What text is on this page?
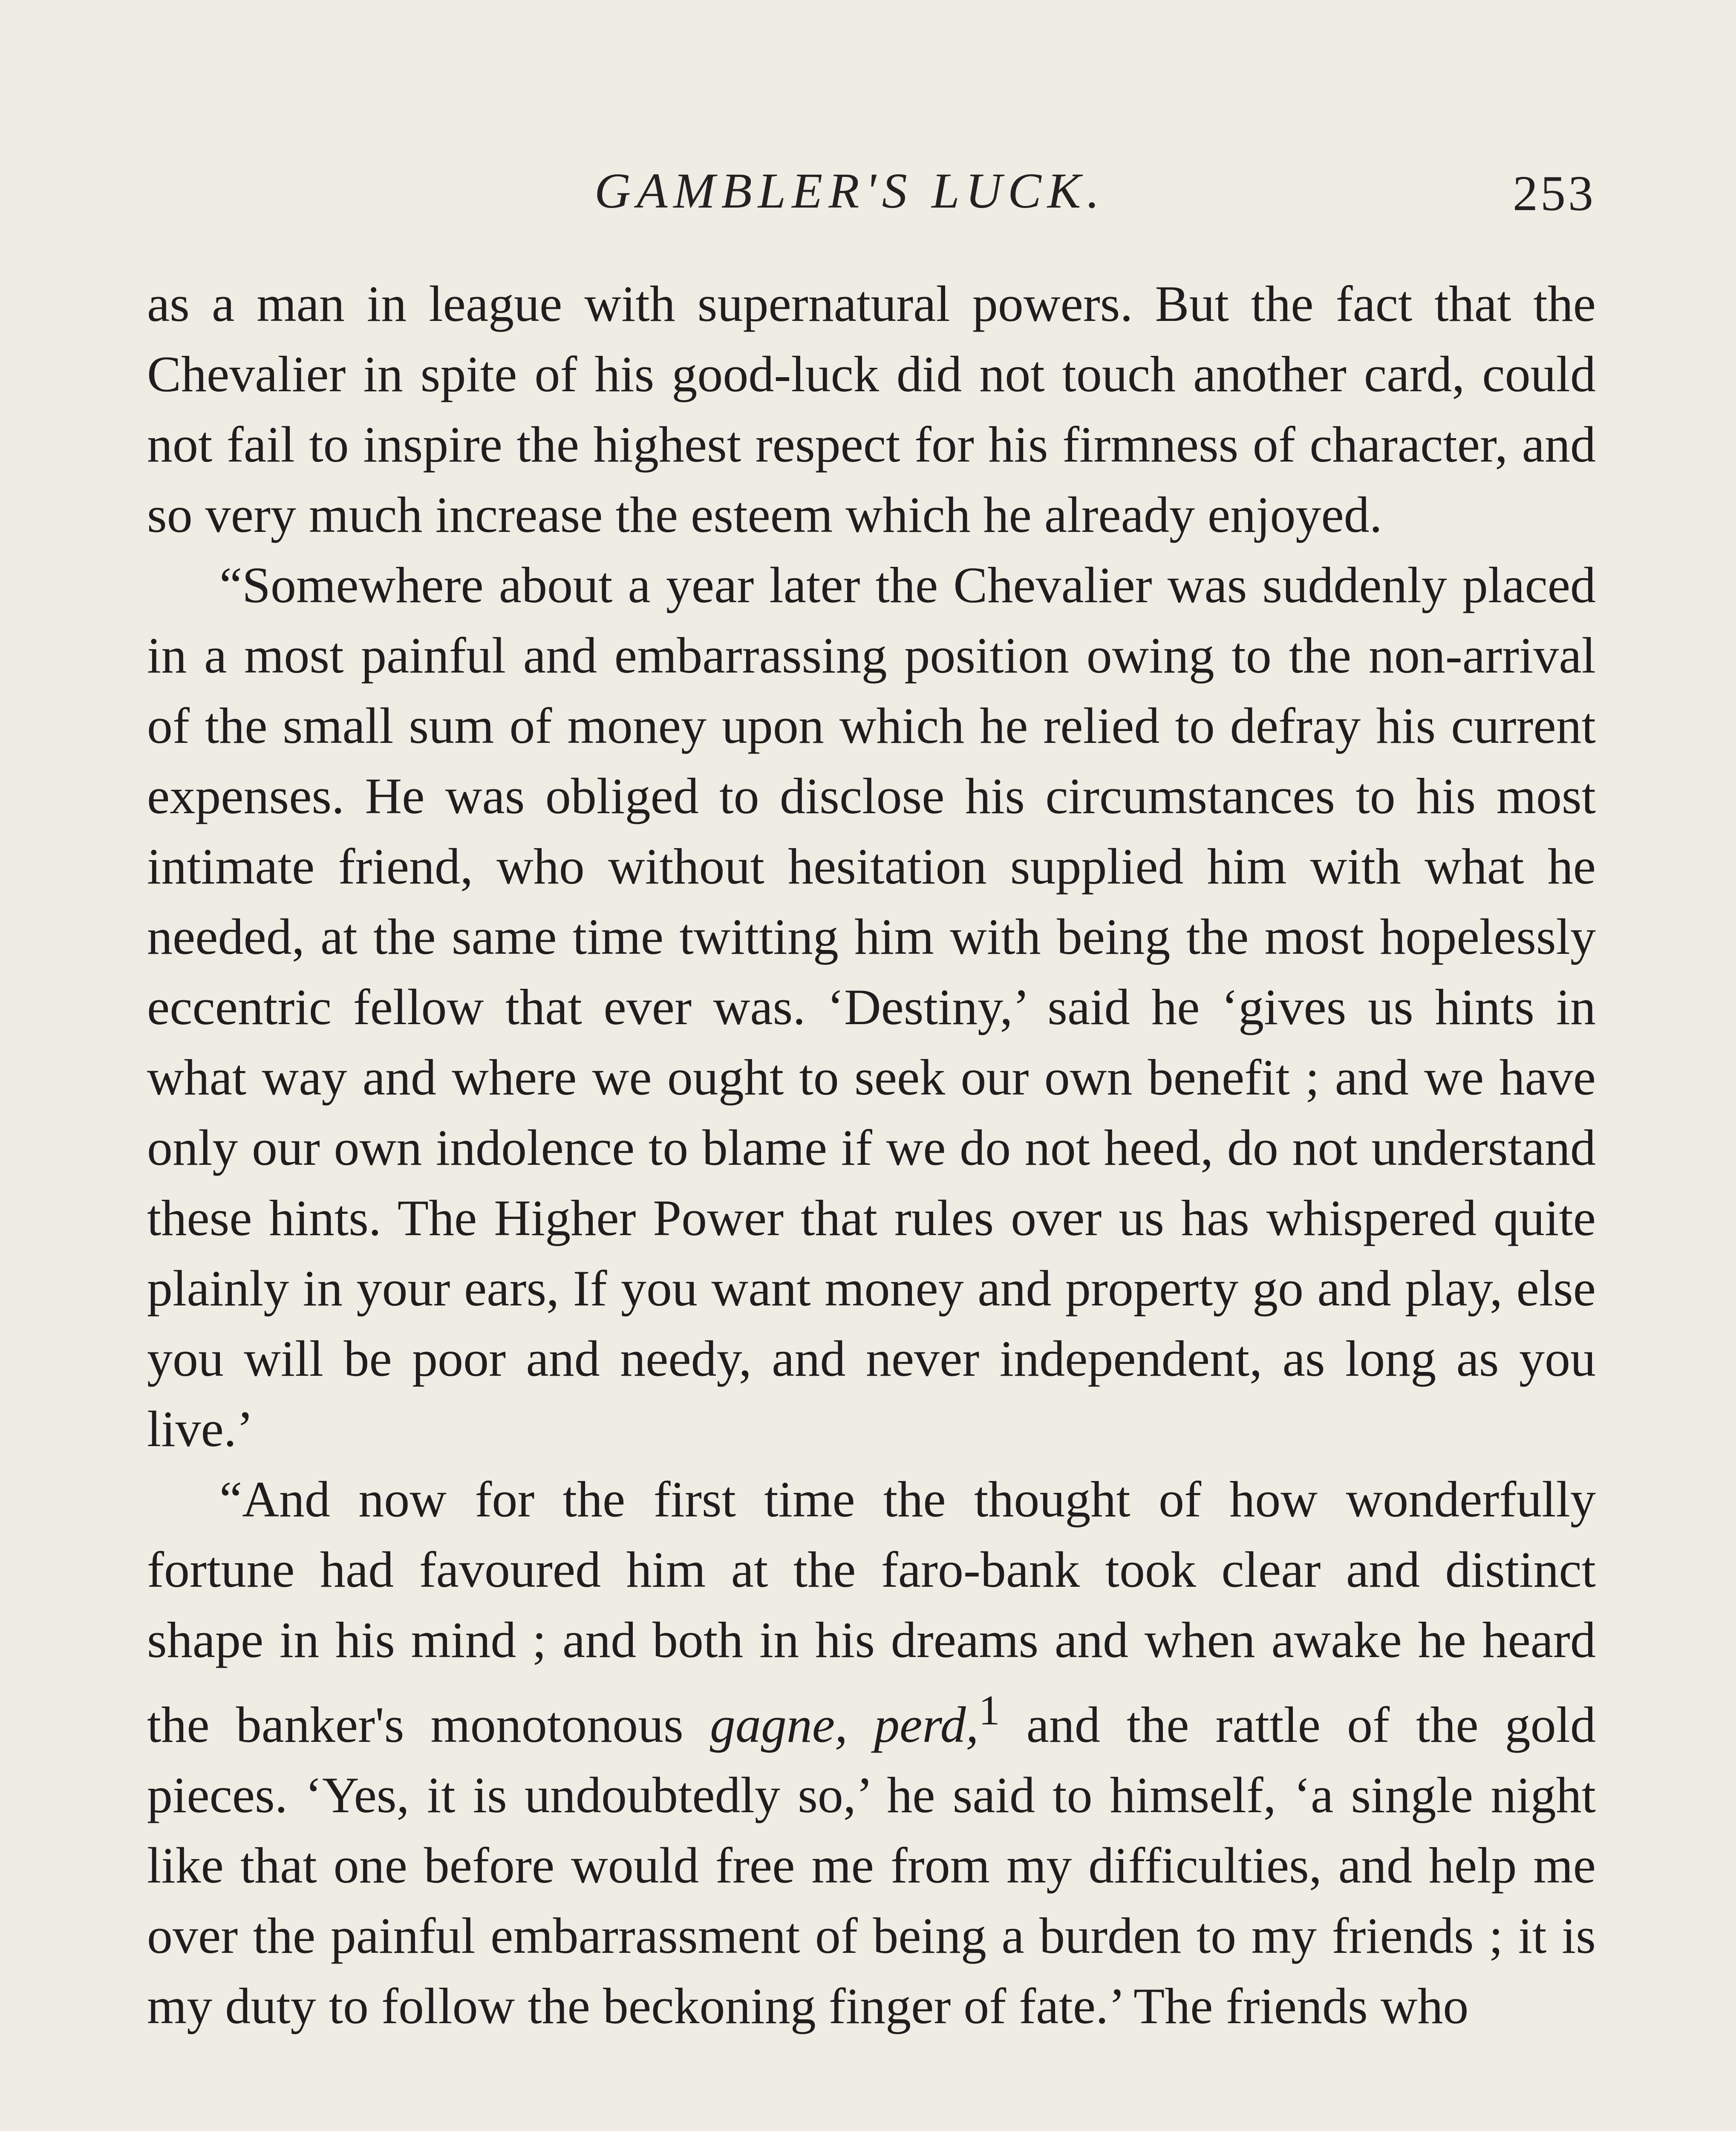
GAMBLER'S LUCK.	253

as a man in league with supernatural powers. But the fact that the Chevalier in spite of his good-luck did not touch another card, could not fail to inspire the highest respect for his firmness of character, and so very much increase the esteem which he already enjoyed.

“Somewhere about a year later the Chevalier was suddenly placed in a most painful and embarrassing position owing to the non-arrival of the small sum of money upon which he relied to defray his current expenses. He was obliged to disclose his circumstances to his most intimate friend, who without hesitation supplied him with what he needed, at the same time twitting him with being the most hopelessly eccentric fellow that ever was. ‘Destiny,’ said he ‘gives us hints in what way and where we ought to seek our own benefit ; and we have only our own indolence to blame if we do not heed, do not understand these hints. The Higher Power that rules over us has whispered quite plainly in your ears, If you want money and property go and play, else you will be poor and needy, and never independent, as long as you live.’

“And now for the first time the thought of how wonderfully fortune had favoured him at the faro-bank took clear and distinct shape in his mind ; and both in his dreams and when awake he heard the banker's monotonous gagne, perd,$^1$ and the rattle of the gold pieces. ‘Yes, it is undoubtedly so,’ he said to himself, ‘a single night like that one before would free me from my difficulties, and help me over the painful embarrassment of being a burden to my friends ; it is my duty to follow the beckoning finger of fate.’ The friends who
